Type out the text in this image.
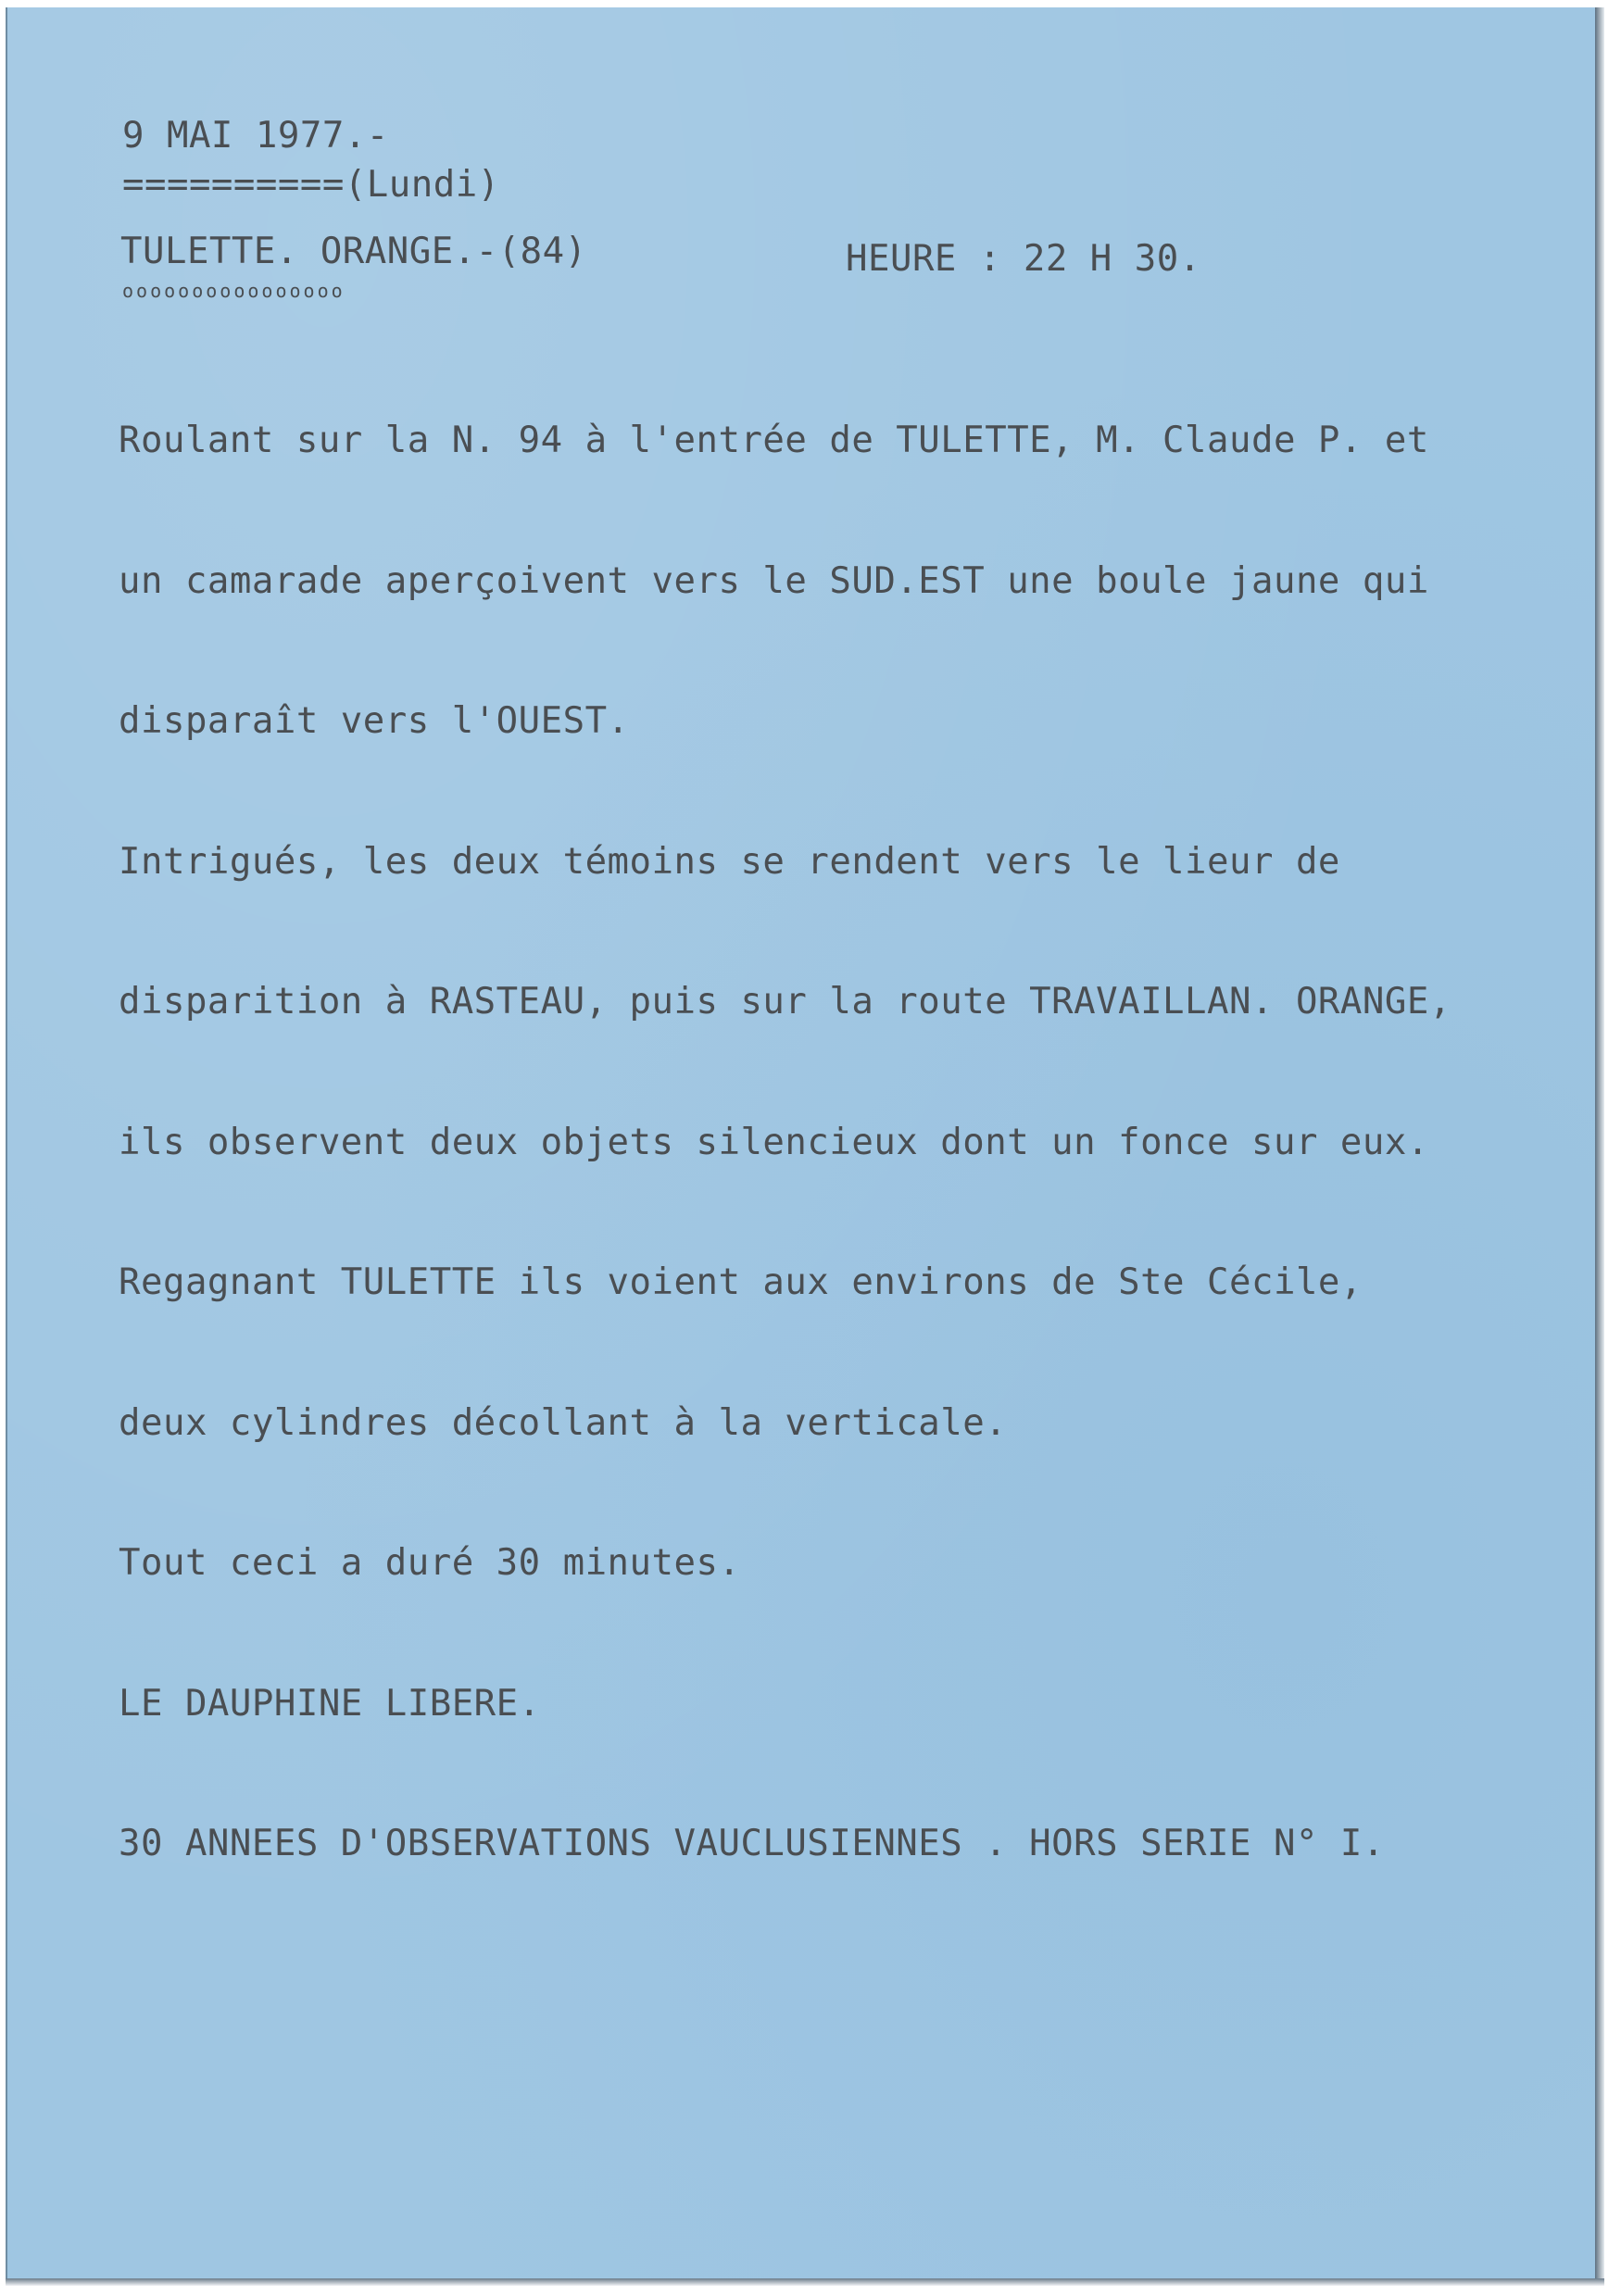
9 MAI 1977.-
==========(Lundi)
TULETTE. ORANGE.-(84)	HEURE : 22 H 30.
oooooooooooooooo

Roulant sur la N. 94 à l'entrée de TULETTE, M. Claude P. et

un camarade aperçoivent vers le SUD.EST une boule jaune qui

disparaît vers l'OUEST.

Intrigués, les deux témoins se rendent vers le lieur de

disparition à RASTEAU, puis sur la route TRAVAILLAN. ORANGE,

ils observent deux objets silencieux dont un fonce sur eux.

Regagnant TULETTE ils voient aux environs de Ste Cécile,

deux cylindres décollant à la verticale.

Tout ceci a duré 30 minutes.

LE DAUPHINE LIBERE.

30 ANNEES D'OBSERVATIONS VAUCLUSIENNES . HORS SERIE N° I.
